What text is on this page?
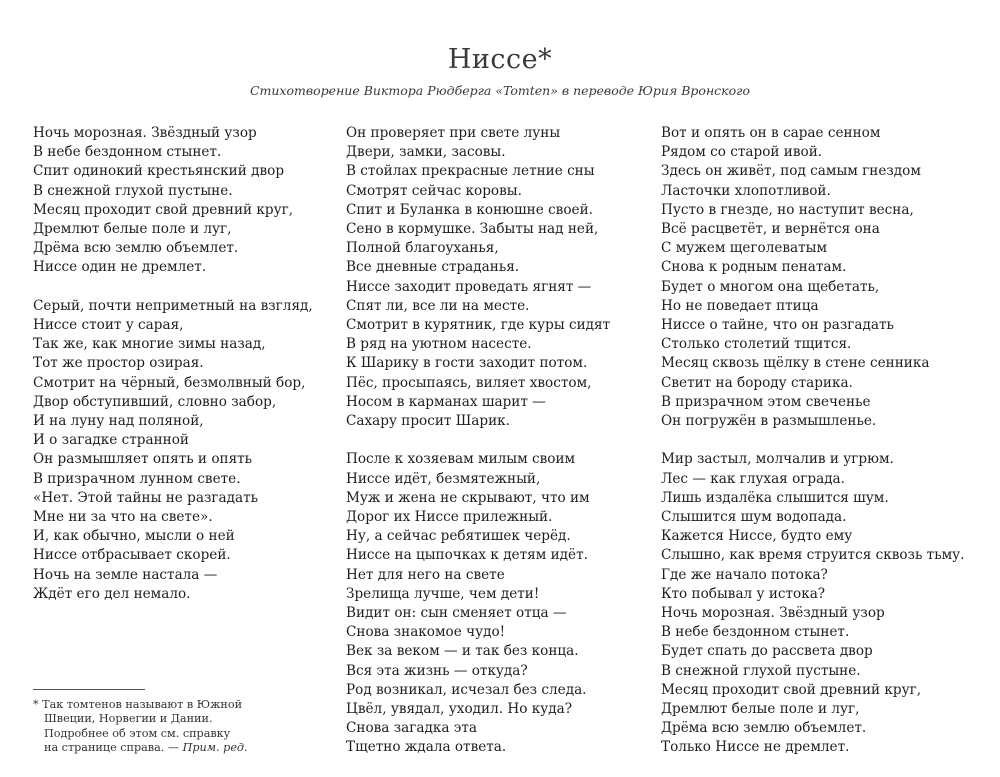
Ниссе*
Стихотворение Виктора Рюдберга «Tomten» в переводе Юрия Вронского
Ночь морозная. Звёздный узор
В небе бездонном стынет.
Спит одинокий крестьянский двор
В снежной глухой пустыне.
Месяц проходит свой древний круг,
Дремлют белые поле и луг,
Дрёма всю землю объемлет.
Ниссе один не дремлет.
Серый, почти неприметный на взгляд,
Ниссе стоит у сарая,
Так же, как многие зимы назад,
Тот же простор озирая.
Смотрит на чёрный, безмолвный бор,
Двор обступивший, словно забор,
И на луну над поляной,
И о загадке странной
Он размышляет опять и опять
В призрачном лунном свете.
«Нет. Этой тайны не разгадать
Мне ни за что на свете».
И, как обычно, мысли о ней
Ниссе отбрасывает скорей.
Ночь на земле настала —
Ждёт его дел немало.
Он проверяет при свете луны
Двери, замки, засовы.
В стойлах прекрасные летние сны
Смотрят сейчас коровы.
Спит и Буланка в конюшне своей.
Сено в кормушке. Забыты над ней,
Полной благоуханья,
Все дневные страданья.
Ниссе заходит проведать ягнят —
Спят ли, все ли на месте.
Смотрит в курятник, где куры сидят
В ряд на уютном насесте.
К Шарику в гости заходит потом.
Пёс, просыпаясь, виляет хвостом,
Носом в карманах шарит —
Сахару просит Шарик.
После к хозяевам милым своим
Ниссе идёт, безмятежный,
Муж и жена не скрывают, что им
Дорог их Ниссе прилежный.
Ну, а сейчас ребятишек черёд.
Ниссе на цыпочках к детям идёт.
Нет для него на свете
Зрелища лучше, чем дети!
Видит он: сын сменяет отца —
Снова знакомое чудо!
Век за веком — и так без конца.
Вся эта жизнь — откуда?
Род возникал, исчезал без следа.
Цвёл, увядал, уходил. Но куда?
Снова загадка эта
Тщетно ждала ответа.
Вот и опять он в сарае сенном
Рядом со старой ивой.
Здесь он живёт, под самым гнездом
Ласточки хлопотливой.
Пусто в гнезде, но наступит весна,
Всё расцветёт, и вернётся она
С мужем щеголеватым
Снова к родным пенатам.
Будет о многом она щебетать,
Но не поведает птица
Ниссе о тайне, что он разгадать
Столько столетий тщится.
Месяц сквозь щёлку в стене сенника
Светит на бороду старика.
В призрачном этом свеченье
Он погружён в размышленье.
Мир застыл, молчалив и угрюм.
Лес — как глухая ограда.
Лишь издалёка слышится шум.
Слышится шум водопада.
Кажется Ниссе, будто ему
Слышно, как время струится сквозь тьму.
Где же начало потока?
Кто побывал у истока?
Ночь морозная. Звёздный узор
В небе бездонном стынет.
Будет спать до рассвета двор
В снежной глухой пустыне.
Месяц проходит свой древний круг,
Дремлют белые поле и луг,
Дрёма всю землю объемлет.
Только Ниссе не дремлет.
* Так томтенов называют в Южной
Швеции, Норвегии и Дании.
Подробнее об этом см. справку
на странице справа. — Прим. ред.
